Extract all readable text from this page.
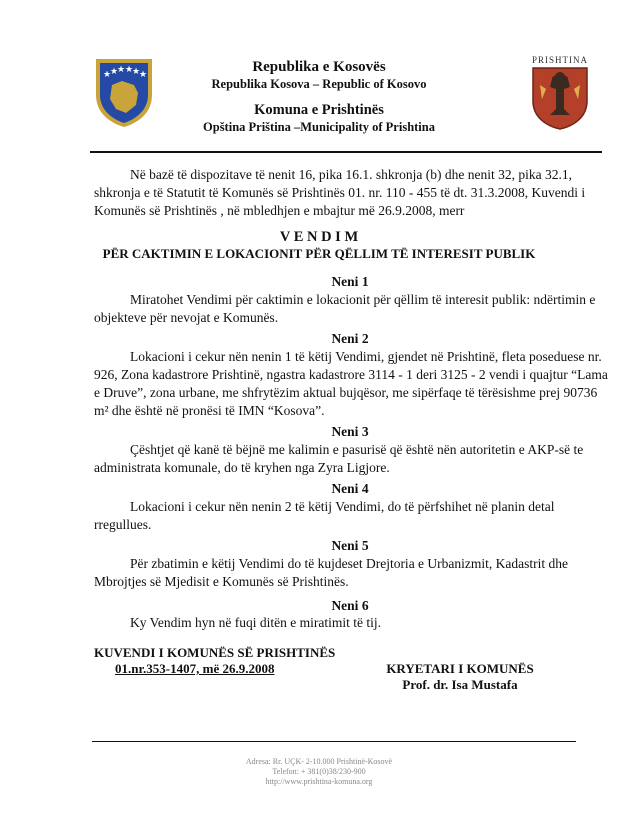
★
★
★ ★
★
★
PRISHTINA
Republika e Kosovës
Republika Kosova – Republic of Kosovo
Komuna e Prishtinës
Opština Priština –Municipality of Prishtina
Në bazë të dispozitave të nenit 16, pika 16.1. shkronja (b) dhe nenit 32, pika 32.1, shkronja e të Statutit të Komunës së Prishtinës 01. nr. 110 - 455 të dt. 31.3.2008, Kuvendi i Komunës së Prishtinës , në mbledhjen e mbajtur më 26.9.2008, merr
V E N D I M
PËR CAKTIMIN E LOKACIONIT PËR QËLLIM TË INTERESIT PUBLIK
Neni 1
Miratohet Vendimi për caktimin e lokacionit për qëllim të interesit publik: ndërtimin e objekteve për nevojat e Komunës.
Neni 2
Lokacioni i cekur nën nenin 1 të këtij Vendimi, gjendet në Prishtinë, fleta poseduese nr. 926, Zona kadastrore Prishtinë, ngastra kadastrore 3114 - 1 deri 3125 - 2 vendi i quajtur “Lama e Druve”, zona urbane, me shfrytëzim aktual bujqësor, me sipërfaqe të tërësishme prej 90736 m² dhe është në pronësi të IMN “Kosova”.
Neni 3
Çështjet që kanë të bëjnë me kalimin e pasurisë që është nën autoritetin e AKP-së te administrata komunale, do të kryhen nga Zyra Ligjore.
Neni 4
Lokacioni i cekur nën nenin 2 të këtij Vendimi, do të përfshihet në planin detal rregullues.
Neni 5
Për zbatimin e këtij Vendimi do të kujdeset Drejtoria e Urbanizmit, Kadastrit dhe Mbrojtjes së Mjedisit e Komunës së Prishtinës.
Neni 6
Ky Vendim hyn në fuqi ditën e miratimit të tij.
KUVENDI I KOMUNËS SË PRISHTINËS
01.nr.353-1407, më 26.9.2008	KRYETARI I KOMUNËS
Prof. dr. Isa Mustafa
Adresa: Rr. UÇK- 2-10.000 Prishtinë-Kosovë
Telefon: + 381(0)38/230-900
http://www.prishtina-komuna.org
